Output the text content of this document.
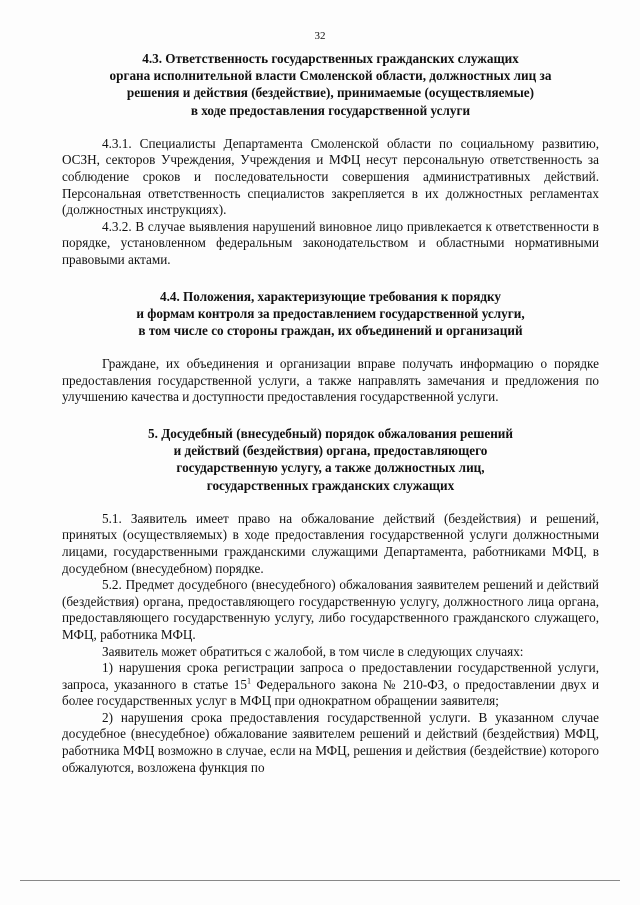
32
4.3. Ответственность государственных гражданских служащих
органа исполнительной власти Смоленской области, должностных лиц за
решения и действия (бездействие), принимаемые (осуществляемые)
в ходе предоставления государственной услуги

4.3.1. Специалисты Департамента Смоленской области по социальному развитию, ОСЗН, секторов Учреждения, Учреждения и МФЦ несут персональную ответственность за соблюдение сроков и последовательности совершения административных действий. Персональная ответственность специалистов закрепляется в их должностных регламентах (должностных инструкциях).

4.3.2. В случае выявления нарушений виновное лицо привлекается к ответственности в порядке, установленном федеральным законодательством и областными нормативными правовыми актами.

4.4. Положения, характеризующие требования к порядку
и формам контроля за предоставлением государственной услуги,
в том числе со стороны граждан, их объединений и организаций

Граждане, их объединения и организации вправе получать информацию о порядке предоставления государственной услуги, а также направлять замечания и предложения по улучшению качества и доступности предоставления государственной услуги.

5. Досудебный (внесудебный) порядок обжалования решений
и действий (бездействия) органа, предоставляющего
государственную услугу, а также должностных лиц,
государственных гражданских служащих

5.1. Заявитель имеет право на обжалование действий (бездействия) и решений, принятых (осуществляемых) в ходе предоставления государственной услуги должностными лицами, государственными гражданскими служащими Департамента, работниками МФЦ, в досудебном (внесудебном) порядке.

5.2. Предмет досудебного (внесудебного) обжалования заявителем решений и действий (бездействия) органа, предоставляющего государственную услугу, должностного лица органа, предоставляющего государственную услугу, либо государственного гражданского служащего, МФЦ, работника МФЦ.

Заявитель может обратиться с жалобой, в том числе в следующих случаях:

1) нарушения срока регистрации запроса о предоставлении государственной услуги, запроса, указанного в статье $15^1$ Федерального закона № 210-ФЗ, о предоставлении двух и более государственных услуг в МФЦ при однократном обращении заявителя;

2) нарушения срока предоставления государственной услуги. В указанном случае досудебное (внесудебное) обжалование заявителем решений и действий (бездействия) МФЦ, работника МФЦ возможно в случае, если на МФЦ, решения и действия (бездействие) которого обжалуются, возложена функция по
